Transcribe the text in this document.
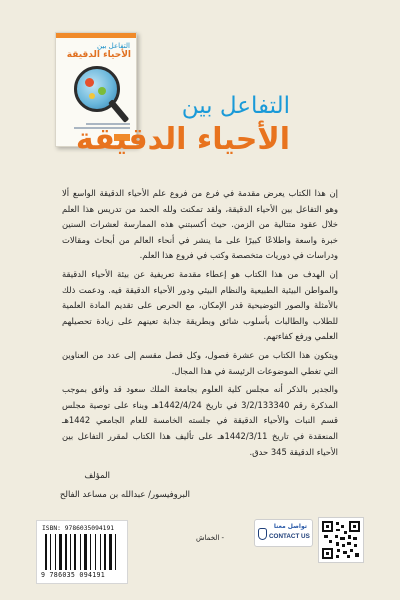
التفاعل بين
الأحياء الدقيقة
التفاعل بين
الأحياء الدقيقة

إن هذا الكتاب يعرض مقدمة في فرع من فروع علم الأحياء الدقيقة الواسع ألا وهو التفاعل بين الأحياء الدقيقة، ولقد تمكنت ولله الحمد من تدريس هذا العلم خلال عقود متتالية من الزمن. حيث أكسبتني هذه الممارسة لعشرات السنين خبرة واسعة واطلاعًا كبيرًا على ما ينشر في أنحاء العالم من أبحاث ومقالات ودراسات في دوريات متخصصة وكتب في فروع هذا العلم.

إن الهدف من هذا الكتاب هو إعطاء مقدمة تعريفية عن بيئة الأحياء الدقيقة والمواطن البيئية الطبيعية والنظام البيئي ودور الأحياء الدقيقة فيه. ودعمت ذلك بالأمثلة والصور التوضيحية قدر الإمكان، مع الحرص على تقديم المادة العلمية للطلاب والطالبات بأسلوب شائق وبطريقة جذابة تعينهم على زيادة تحصيلهم العلمي ورفع كفاءتهم.

ويتكون هذا الكتاب من عشرة فصول، وكل فصل مقسم إلى عدد من العناوين التي تغطي الموضوعات الرئيسة في هذا المجال.

والجدير بالذكر أنه مجلس كلية العلوم بجامعة الملك سعود قد وافق بموجب المذكرة رقم 3/2/133340 في تاريخ 1442/4/24هـ وبناء على توصية مجلس قسم النبات والأحياء الدقيقة في جلسته الخامسة للعام الجامعي 1442هـ المنعقدة في تاريخ 1442/3/11هـ على تأليف هذا الكتاب لمقرر التفاعل بين الأحياء الدقيقة 345 حدق.

المؤلف
البروفيسور/ عبدالله بن مساعد الفالح
ISBN: 9786035094191
9 786035 094191
- الخماش
تواصل معنا
CONTACT US
